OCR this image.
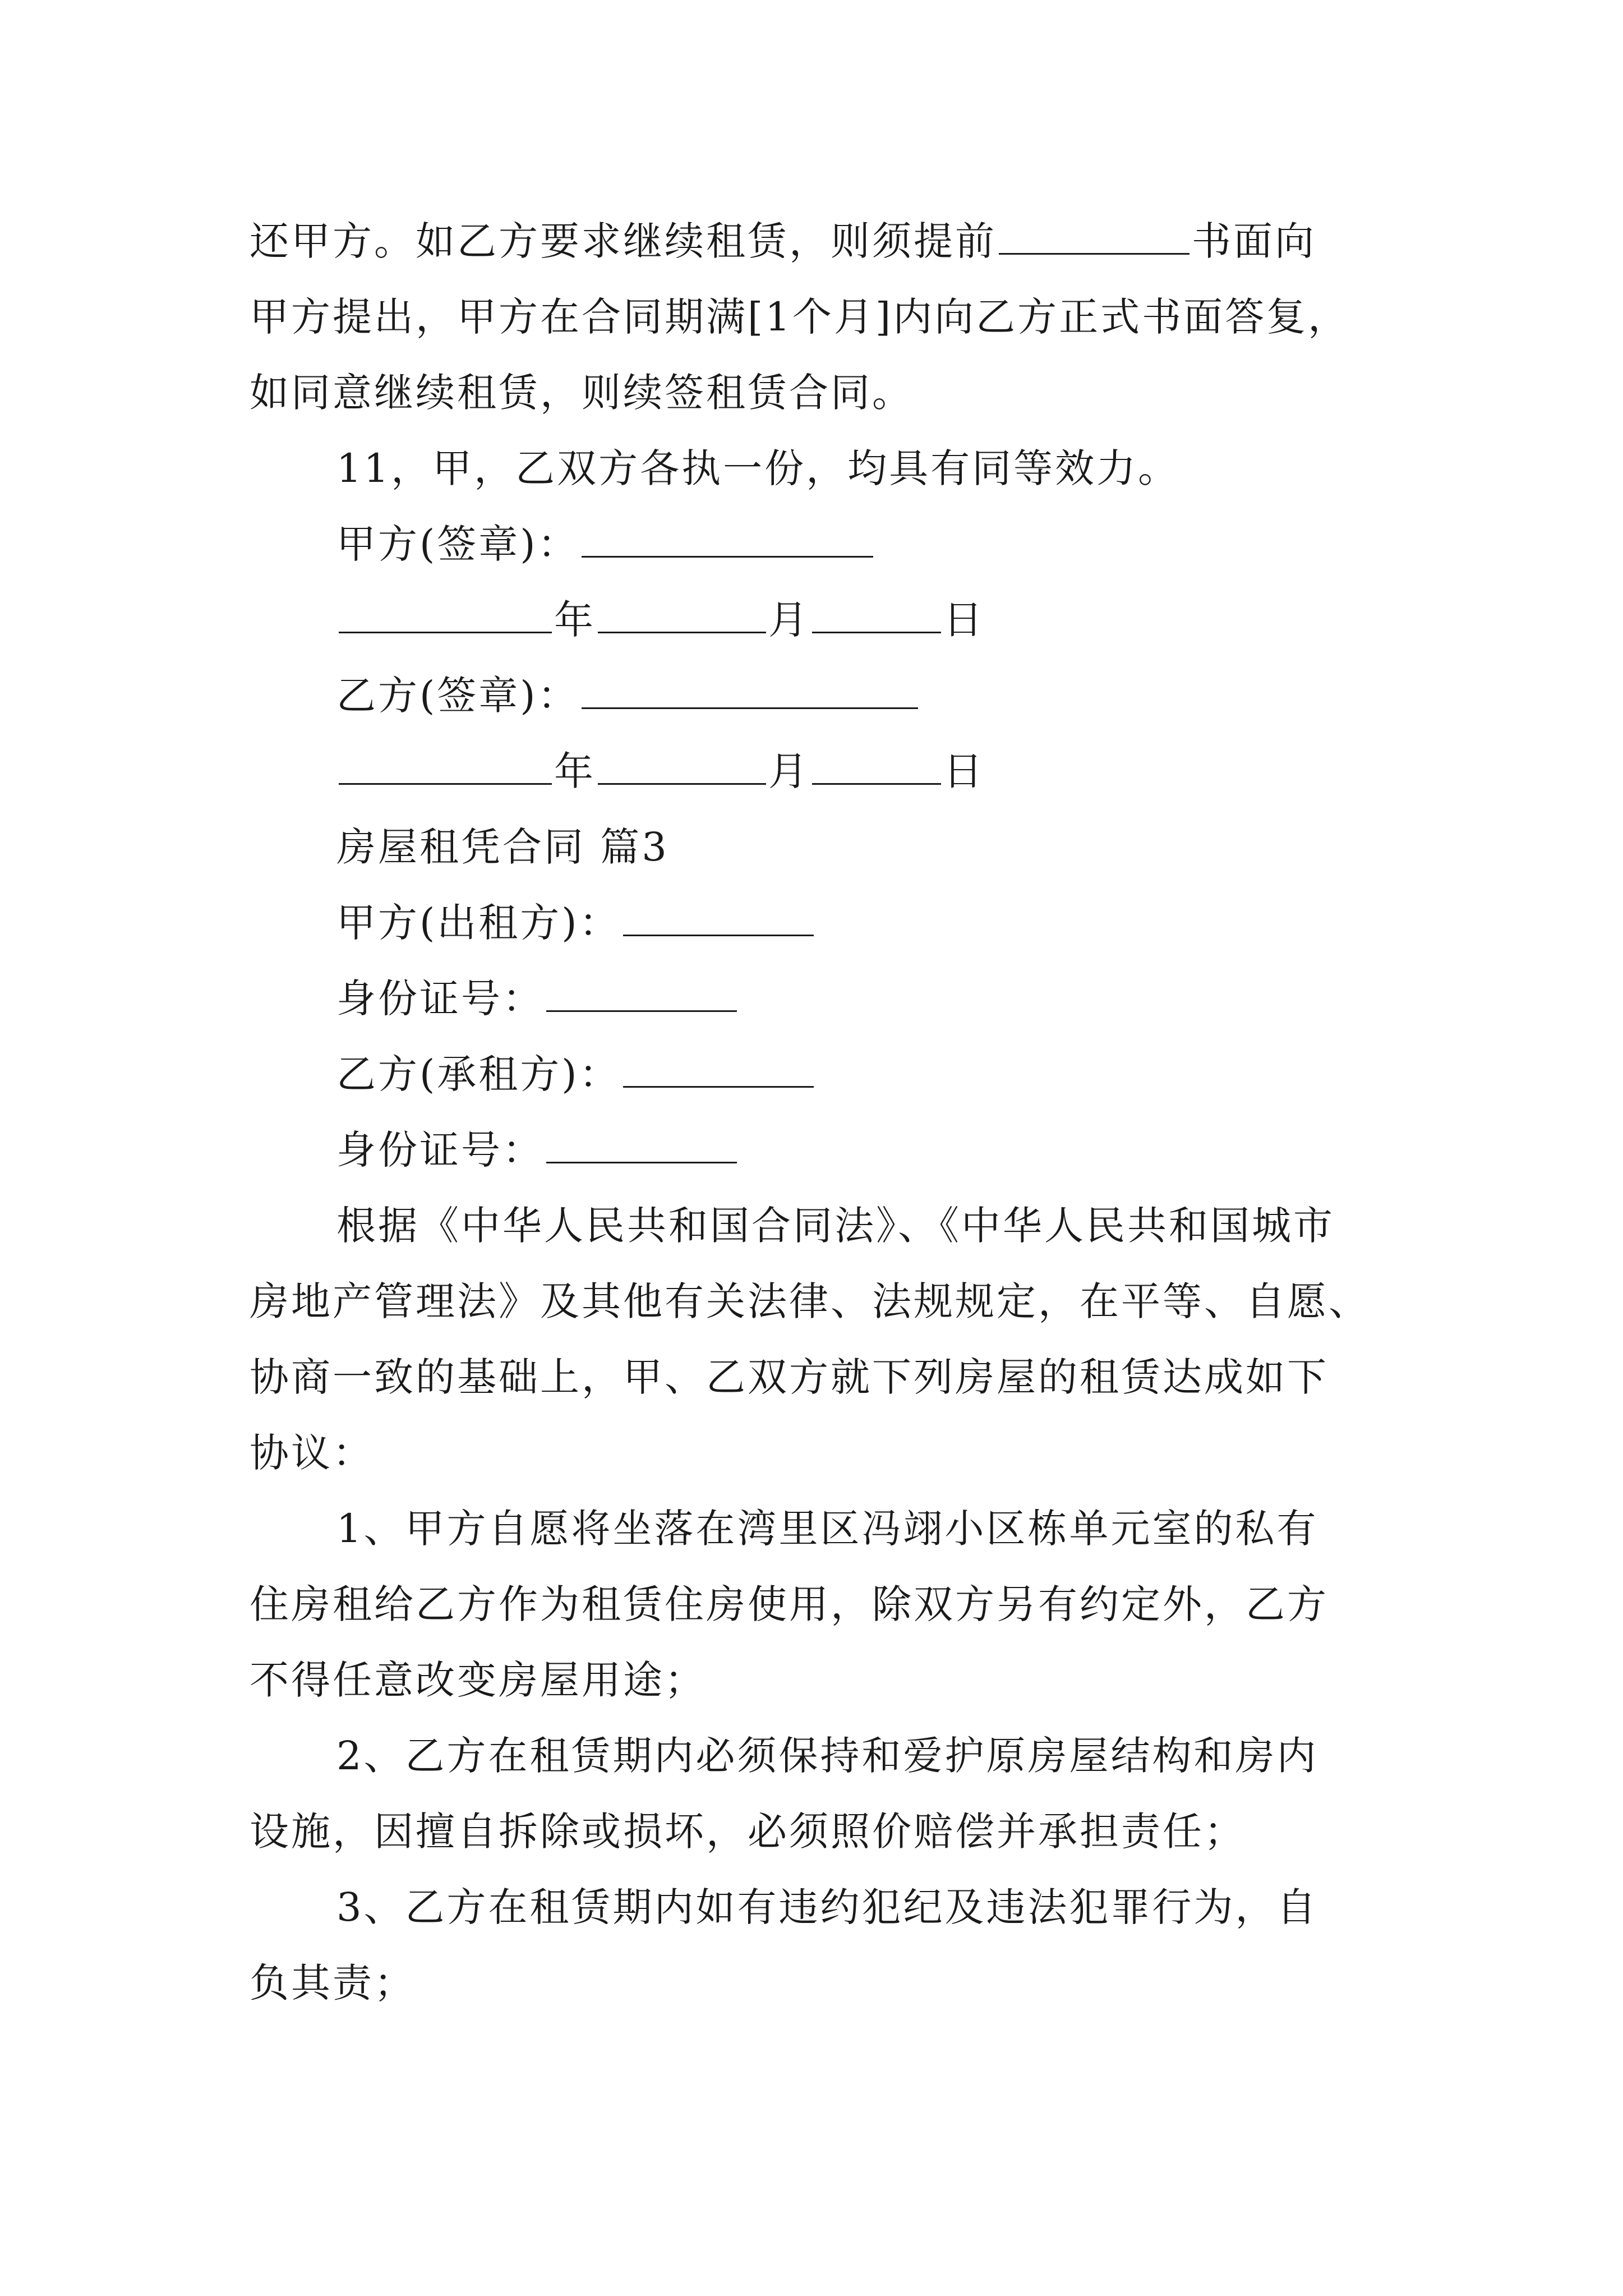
还甲方。如乙方要求继续租赁，则须提前	书面向
甲方提出，甲方在合同期满[1个月]内向乙方正式书面答复，
如同意继续租赁，则续签租赁合同。
11，甲，乙双方各执一份，均具有同等效力。
甲方(签章)：
年	月	日
乙方(签章)：
年	月	日
房屋租凭合同 篇3
甲方(出租方)：
身份证号：
乙方(承租方)：
身份证号：
根据《中华人民共和国合同法》、《中华人民共和国城市
房地产管理法》及其他有关法律、法规规定，在平等、自愿、
协商一致的基础上，甲、乙双方就下列房屋的租赁达成如下
协议：
1、甲方自愿将坐落在湾里区冯翊小区栋单元室的私有
住房租给乙方作为租赁住房使用，除双方另有约定外，乙方
不得任意改变房屋用途；
2、乙方在租赁期内必须保持和爱护原房屋结构和房内
设施，因擅自拆除或损坏，必须照价赔偿并承担责任；
3、乙方在租赁期内如有违约犯纪及违法犯罪行为，自
负其责；
